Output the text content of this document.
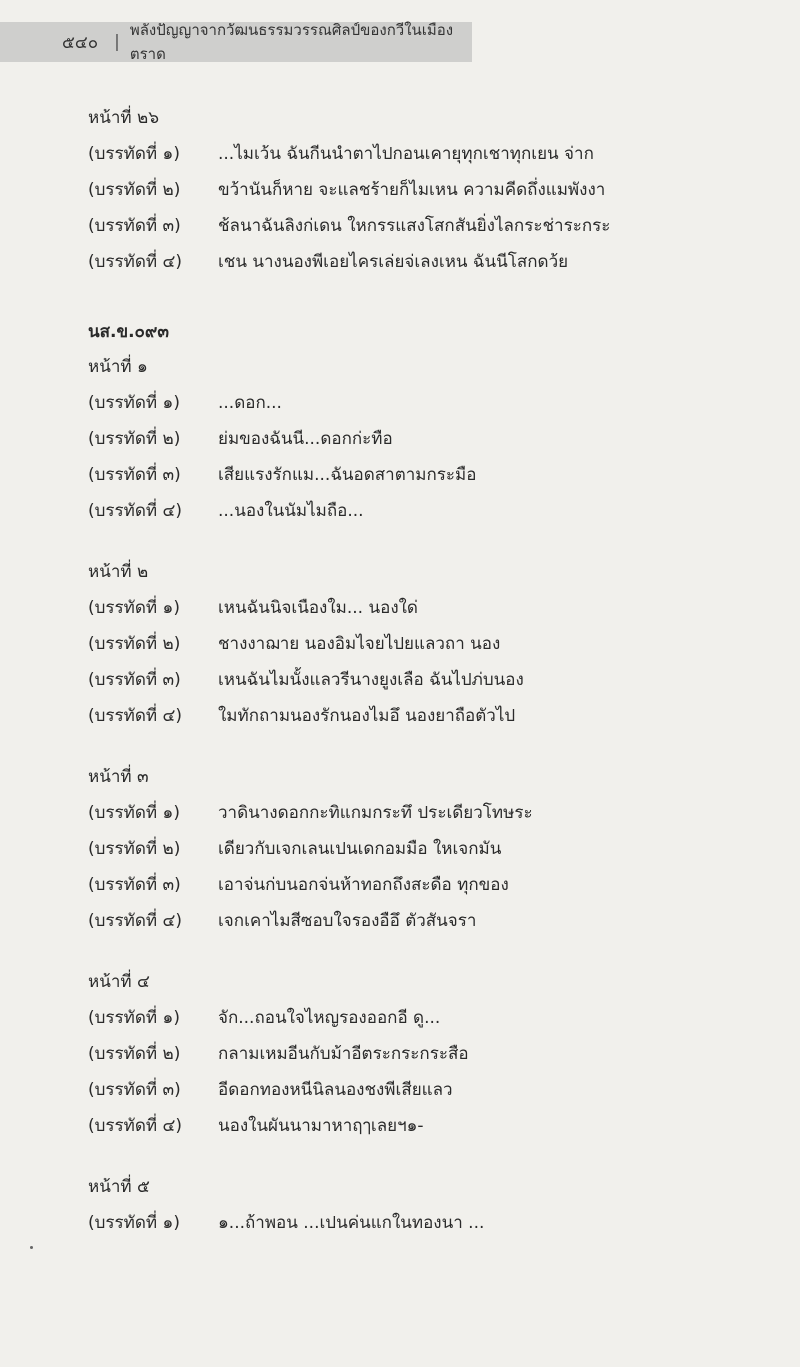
๕๔๐ |
พลังปัญญาจากวัฒนธรรมวรรณศิลป์ของกวีในเมืองตราด
หน้าที่ ๒๖
(บรรทัดที่ ๑)	...ไมเว้น ฉันกีนนำตาไปกอนเคายุทุกเชาทุกเยน จ่าก
(บรรทัดที่ ๒)	ขว้านันก็หาย จะแลชร้ายก็ไมเหน ความคีดถึ่งแมพังงา
(บรรทัดที่ ๓)	ช้ลนาฉันลิงก่เดน ใหกรรแสงโสกสันยิ่งไลกระช่าระกระ
(บรรทัดที่ ๔)	เชน นางนองพีเอยไครเล่ยจ่เลงเหน ฉันนีโสกดว้ย
นส.ข.๐๙๓
หน้าที่ ๑
(บรรทัดที่ ๑)	...ดอก...
(บรรทัดที่ ๒)	ย่มของฉันนี...ดอกก่ะทือ
(บรรทัดที่ ๓)	เสียแรงรักแม...ฉันอดสาตามกระมือ
(บรรทัดที่ ๔)	...นองในนัมไมถือ...
หน้าที่ ๒
(บรรทัดที่ ๑)	เหนฉันนิจเนืองใม... นองใด่
(บรรทัดที่ ๒)	ชางงาฌาย นองอิมไจยไปยแลวถา นอง
(บรรทัดที่ ๓)	เหนฉันไมนั้งแลวรีนางยูงเลือ ฉันไปภ่บนอง
(บรรทัดที่ ๔)	ใมทักถามนองรักนองไมอึ นองยาถือตัวไป
หน้าที่ ๓
(บรรทัดที่ ๑)	วาดินางดอกกะทิแกมกระทึ ประเดียวโทษระ
(บรรทัดที่ ๒)	เดียวกับเจกเลนเปนเดกอมมือ ใหเจกมัน
(บรรทัดที่ ๓)	เอาจ่นก่บนอกจ่นห้าทอกถึงสะดือ ทุกของ
(บรรทัดที่ ๔)	เจกเคาไมสีซอบใจรองอือึ ตัวสันจรา
หน้าที่ ๔
(บรรทัดที่ ๑)	จัก...ถอนใจไหญรองออกอี ดู...
(บรรทัดที่ ๒)	กลามเหมอีนกับม้าอีตระกระกระสือ
(บรรทัดที่ ๓)	อีดอกทองหนีนิลนองชงพีเสียแลว
(บรรทัดที่ ๔)	นองในผันนามาหาฤๅเลยฯ๑-
หน้าที่ ๕
(บรรทัดที่ ๑)	๑...ถ้าพอน ...เปนค่นแกในทองนา ...
